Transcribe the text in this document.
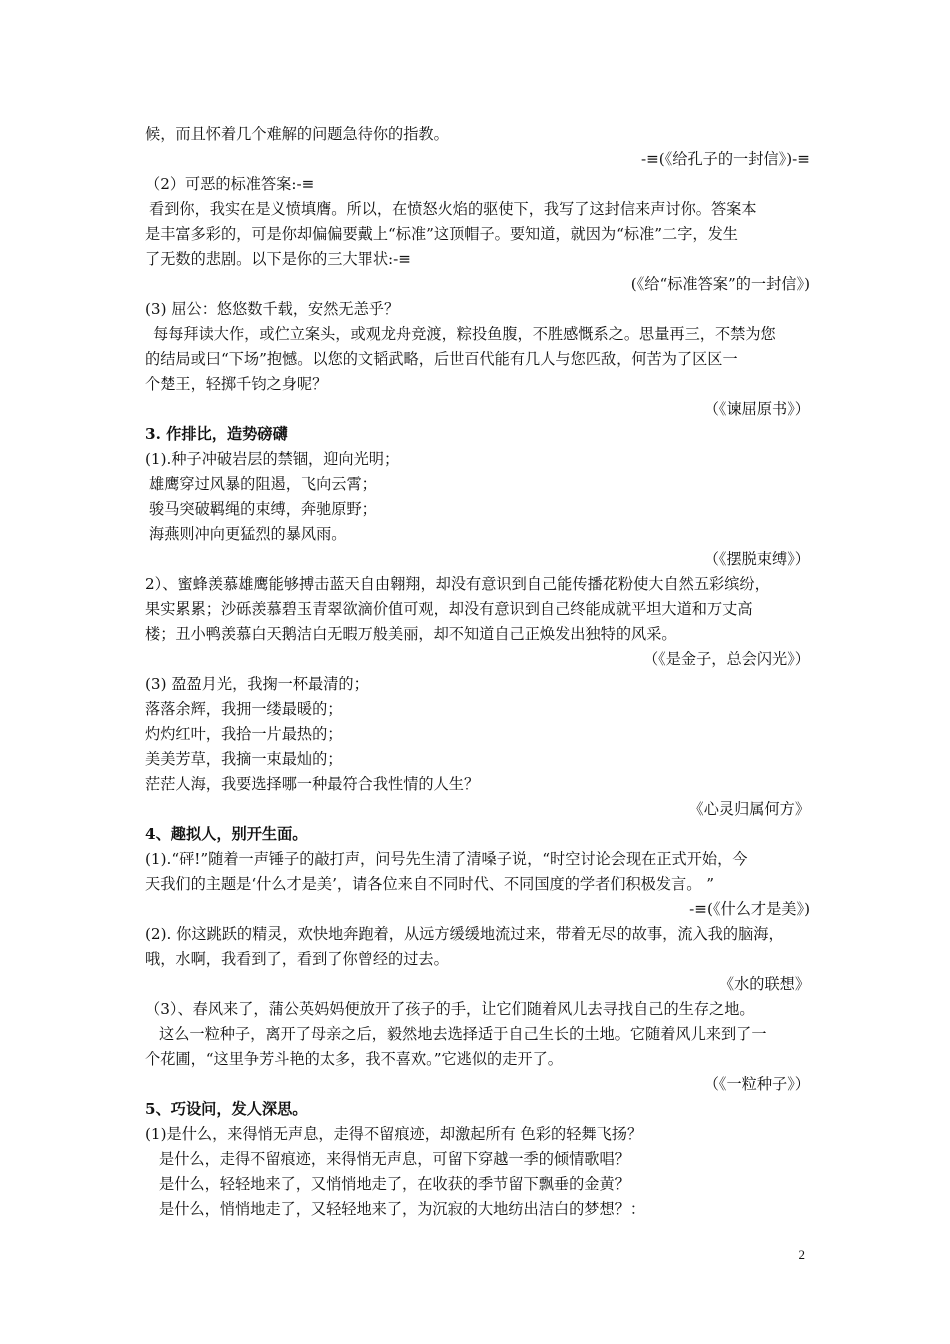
候，而且怀着几个难解的问题急待你的指教。
-≡(《给孔子的一封信》)-≡
（2）可恶的标准答案:-≡
看到你，我实在是义愤填膺。所以，在愤怒火焰的驱使下，我写了这封信来声讨你。答案本
是丰富多彩的，可是你却偏偏要戴上“标准”这顶帽子。要知道，就因为“标准”二字，发生
了无数的悲剧。以下是你的三大罪状:-≡
(《给“标准答案”的一封信》)
(3) 屈公：悠悠数千载，安然无恙乎？
每每拜读大作，或伫立案头，或观龙舟竞渡，粽投鱼腹，不胜感慨系之。思量再三，不禁为您
的结局或曰“下场”抱憾。以您的文韬武略，后世百代能有几人与您匹敌，何苦为了区区一
个楚王，轻掷千钧之身呢？
（《谏屈原书》）
3. 作排比，造势磅礴
(1).种子冲破岩层的禁锢，迎向光明；
雄鹰穿过风暴的阻遏，飞向云霄；
骏马突破羁绳的束缚，奔驰原野；
海燕则冲向更猛烈的暴风雨。
（《摆脱束缚》）
2）、蜜蜂羡慕雄鹰能够搏击蓝天自由翱翔，却没有意识到自己能传播花粉使大自然五彩缤纷，
果实累累；沙砾羡慕碧玉青翠欲滴价值可观，却没有意识到自己终能成就平坦大道和万丈高
楼；丑小鸭羡慕白天鹅洁白无暇万般美丽，却不知道自己正焕发出独特的风采。
（《是金子，总会闪光》）
(3) 盈盈月光，我掬一杯最清的；
落落余辉，我拥一缕最暖的；
灼灼红叶，我拾一片最热的；
美美芳草，我摘一束最灿的；
茫茫人海，我要选择哪一种最符合我性情的人生？
《心灵归属何方》
4、趣拟人，别开生面。
(1).“砰!”随着一声锤子的敲打声，问号先生清了清嗓子说，“时空讨论会现在正式开始，今
天我们的主题是‘什么才是美’，请各位来自不同时代、不同国度的学者们积极发言。 ”
-≡(《什么才是美》)
(2). 你这跳跃的精灵，欢快地奔跑着，从远方缓缓地流过来，带着无尽的故事，流入我的脑海，
哦，水啊，我看到了，看到了你曾经的过去。
《水的联想》
（3）、春风来了，蒲公英妈妈便放开了孩子的手，让它们随着风儿去寻找自己的生存之地。
这么一粒种子，离开了母亲之后，毅然地去选择适于自己生长的土地。它随着风儿来到了一
个花圃，“这里争芳斗艳的太多，我不喜欢。”它逃似的走开了。
（《一粒种子》）
5、巧设问，发人深思。
(1)是什么，来得悄无声息，走得不留痕迹，却激起所有 色彩的轻舞飞扬？
是什么，走得不留痕迹，来得悄无声息，可留下穿越一季的倾情歌唱？
是什么，轻轻地来了，又悄悄地走了，在收获的季节留下飘垂的金黄？
是什么，悄悄地走了，又轻轻地来了，为沉寂的大地纺出洁白的梦想？：
2
